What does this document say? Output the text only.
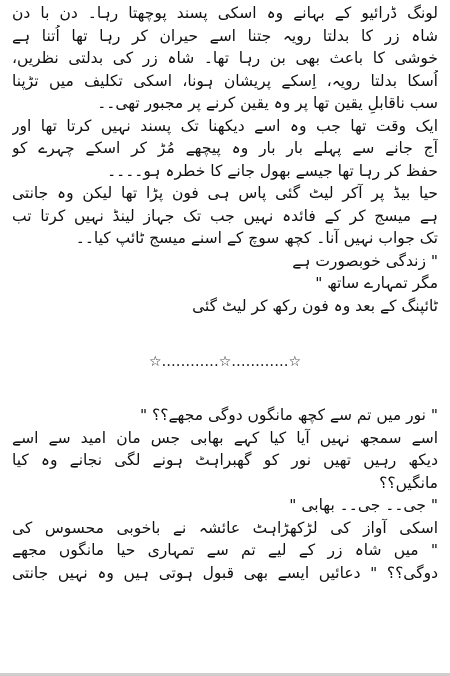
لونگ ڈرائیو کے بہانے وہ اسکی پسند پوچھتا رہا۔ دن با دن
شاہ زر کا بدلتا رویہ جتنا اسے حیران کر رہا تھا اُتنا ہے
خوشی کا باعث بھی بن رہا تھا۔ شاہ زر کی بدلتی نظریں،
اُسکا بدلتا رویہ، اِسکے پریشان ہونا، اسکی تکلیف میں تڑپنا
سب ناقابلِ یقین تھا پر وہ یقین کرنے پر مجبور تھی۔۔
ایک وقت تھا جب وہ اسے دیکھنا تک پسند نہیں کرتا تھا اور
آج جانے سے پہلے بار بار وہ پیچھے مُڑ کر اسکے چہرے کو
حفظ کر رہا تھا جیسے بھول جانے کا خطرہ ہو۔۔۔۔
حیا بیڈ پر آکر لیٹ گئی پاس ہی فون پڑا تھا لیکن وہ جانتی
ہے میسج کر کے فائدہ نہیں جب تک جہاز لینڈ نہیں کرتا تب
تک جواب نہیں آنا۔ کچھ سوچ کے اسنے میسج ٹائپ کیا۔۔
" زندگی خوبصورت ہے
مگر تمہارے ساتھ "
ٹائپنگ کے بعد وہ فون رکھ کر لیٹ گئی
☆............☆............☆
" نور میں تم سے کچھ مانگوں دوگی مجھے؟؟ "
اسے سمجھ نہیں آیا کیا کہے بھابی جس مان امید سے اسے
دیکھ رہیں تھیں نور کو گھبراہٹ ہونے لگی نجانے وہ کیا
مانگیں؟؟
" جی۔۔ جی۔۔ بھابی "
اسکی آواز کی لڑکھڑاہٹ عائشہ نے باخوبی محسوس کی
" میں شاہ زر کے لیے تم سے تمہاری حیا مانگوں مجھے
دوگی؟؟ " دعائیں ایسے بھی قبول ہوتی ہیں وہ نہیں جانتی
